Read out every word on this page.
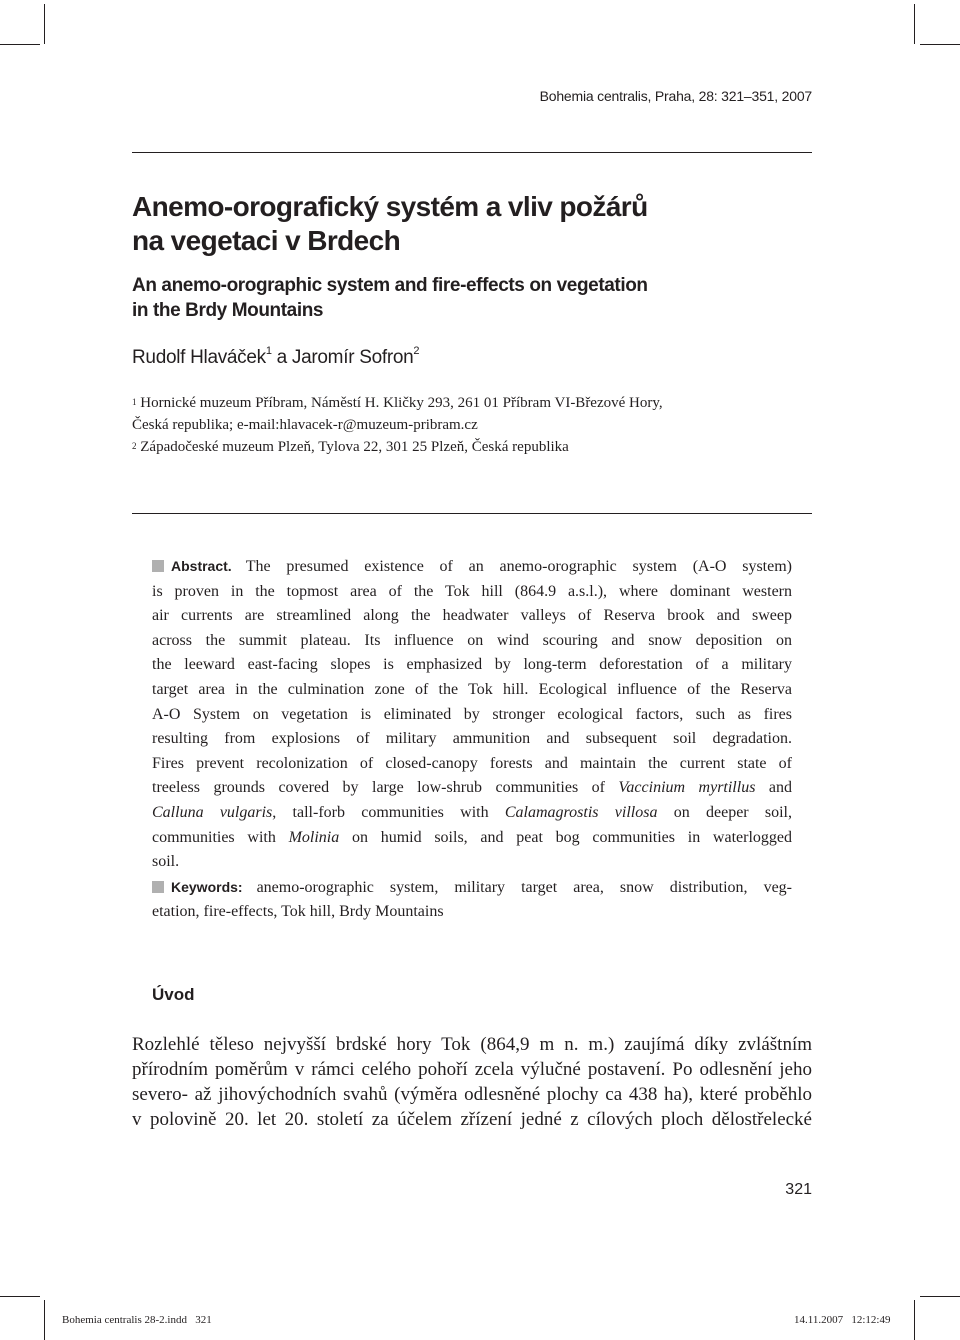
Bohemia centralis, Praha, 28: 321–351, 2007
Anemo-orografický systém a vliv požárů
na vegetaci v Brdech
An anemo-orographic system and fire-effects on vegetation
in the Brdy Mountains
Rudolf Hlaváček$^1$ a Jaromír Sofron$^2$
$^1$ Hornické muzeum Příbram, Náměstí H. Kličky 293, 261 01 Příbram VI-Březové Hory,
Česká republika; e-mail:hlavacek-r@muzeum-pribram.cz
$^2$ Západočeské muzeum Plzeň, Tylova 22, 301 25 Plzeň, Česká republika
Abstract. The presumed existence of an anemo-orographic system (A-O system)
is proven in the topmost area of the Tok hill (864.9 a.s.l.), where dominant western
air currents are streamlined along the headwater valleys of Reserva brook and sweep
across the summit plateau. Its influence on wind scouring and snow deposition on
the leeward east-facing slopes is emphasized by long-term deforestation of a military
target area in the culmination zone of the Tok hill. Ecological influence of the Reserva
A-O System on vegetation is eliminated by stronger ecological factors, such as fires
resulting from explosions of military ammunition and subsequent soil degradation.
Fires prevent recolonization of closed-canopy forests and maintain the current state of
treeless grounds covered by large low-shrub communities of Vaccinium myrtillus and
Calluna vulgaris, tall-forb communities with Calamagrostis villosa on deeper soil,
communities with Molinia on humid soils, and peat bog communities in waterlogged
soil.
Keywords: anemo-orographic system, military target area, snow distribution, veg-
etation, fire-effects, Tok hill, Brdy Mountains
Úvod
Rozlehlé těleso nejvyšší brdské hory Tok (864,9 m n. m.) zaujímá díky zvláštním
přírodním poměrům v rámci celého pohoří zcela výlučné postavení. Po odlesnění jeho
severo- až jihovýchodních svahů (výměra odlesněné plochy ca 438 ha), které proběhlo
v polovině 20. let 20. století za účelem zřízení jedné z cílových ploch dělostřelecké
321
Bohemia centralis 28-2.indd   321	14.11.2007   12:12:49
